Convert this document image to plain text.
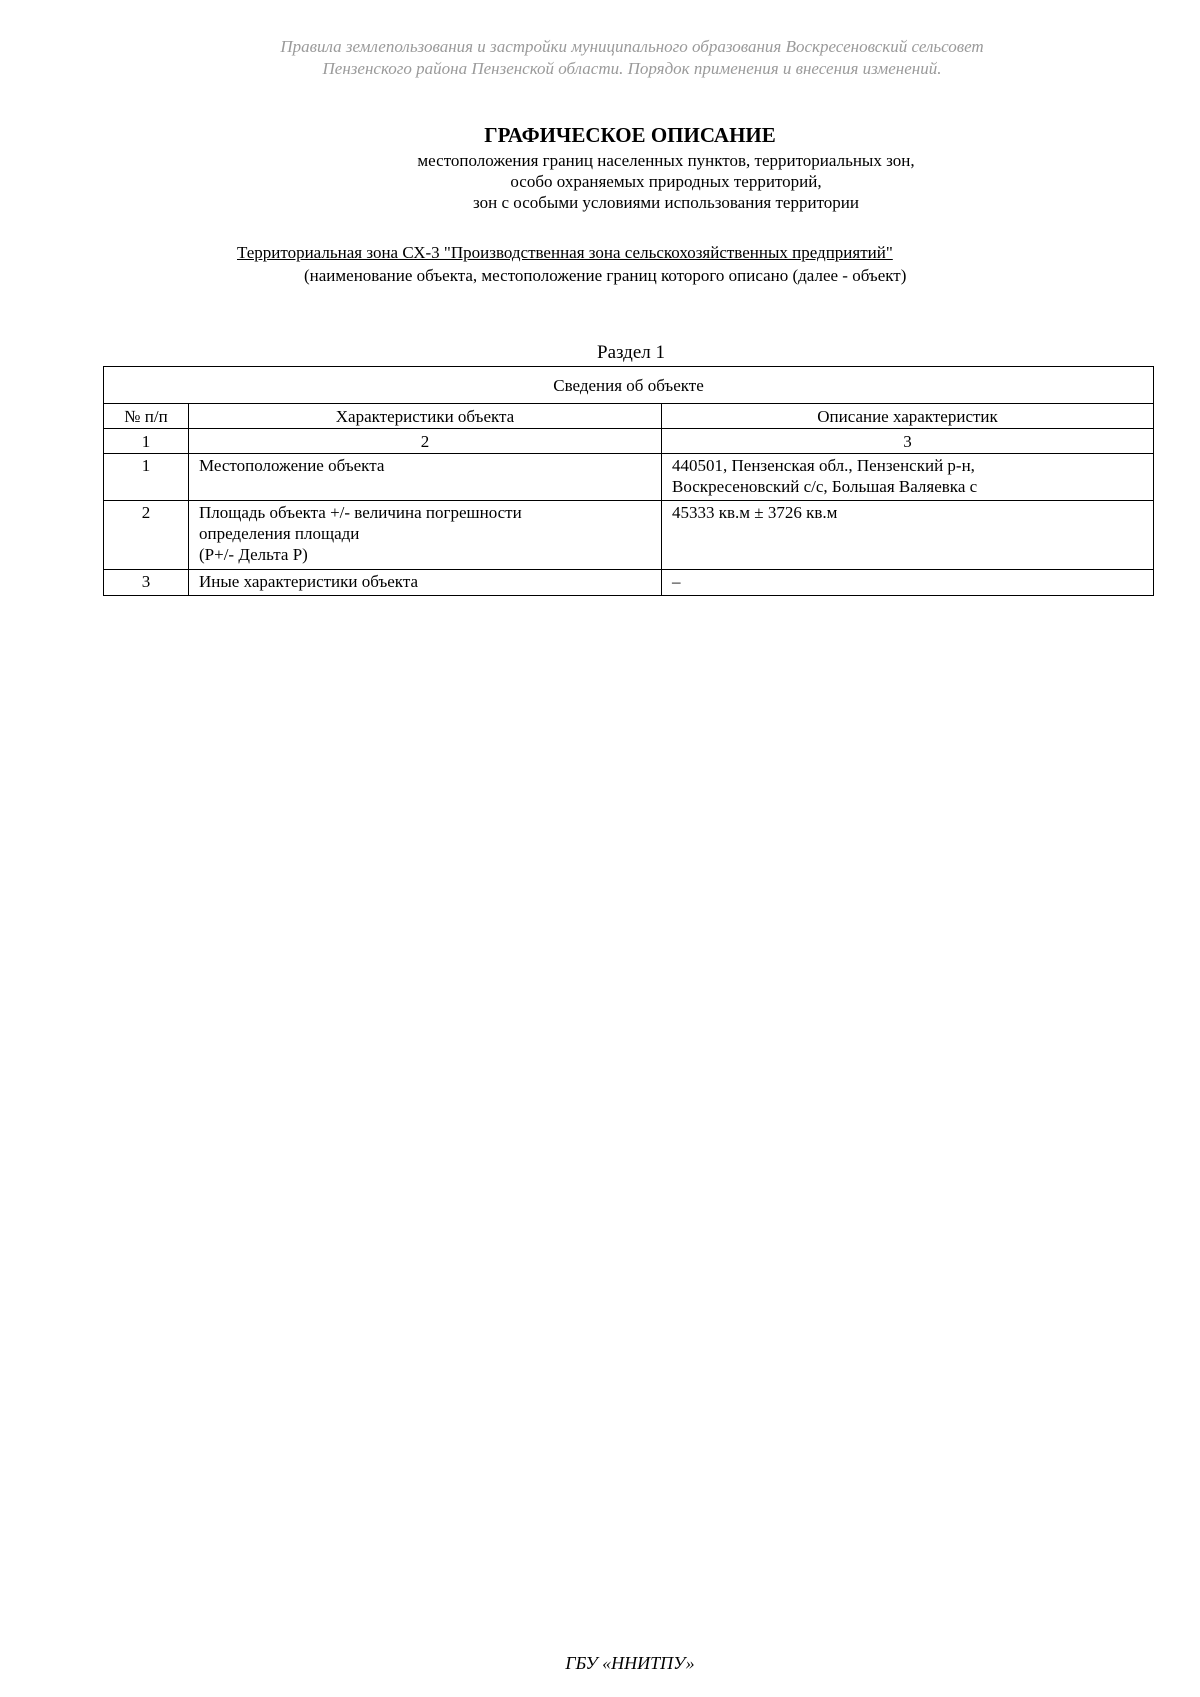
Правила землепользования и застройки муниципального образования Воскресеновский сельсовет
Пензенского района Пензенской области. Порядок применения и внесения изменений.
ГРАФИЧЕСКОЕ ОПИСАНИЕ
местоположения границ населенных пунктов, территориальных зон,
особо охраняемых природных территорий,
зон с особыми условиями использования территории
Территориальная зона СХ-3 "Производственная зона сельскохозяйственных предприятий"
(наименование объекта, местоположение границ которого описано (далее - объект)
Раздел 1
Сведения об объекте		
№ п/п	Характеристики объекта	Описание характеристик
1	2	3
1	Местоположение объекта	440501, Пензенская обл., Пензенский р-н,
Воскресеновский с/с, Большая Валяевка с

2	Площадь объекта +/- величина погрешности
определения площади
(Р+/- Дельта Р)	45333 кв.м ± 3726 кв.м

3	Иные характеристики объекта	–
ГБУ «ННИТПУ»
